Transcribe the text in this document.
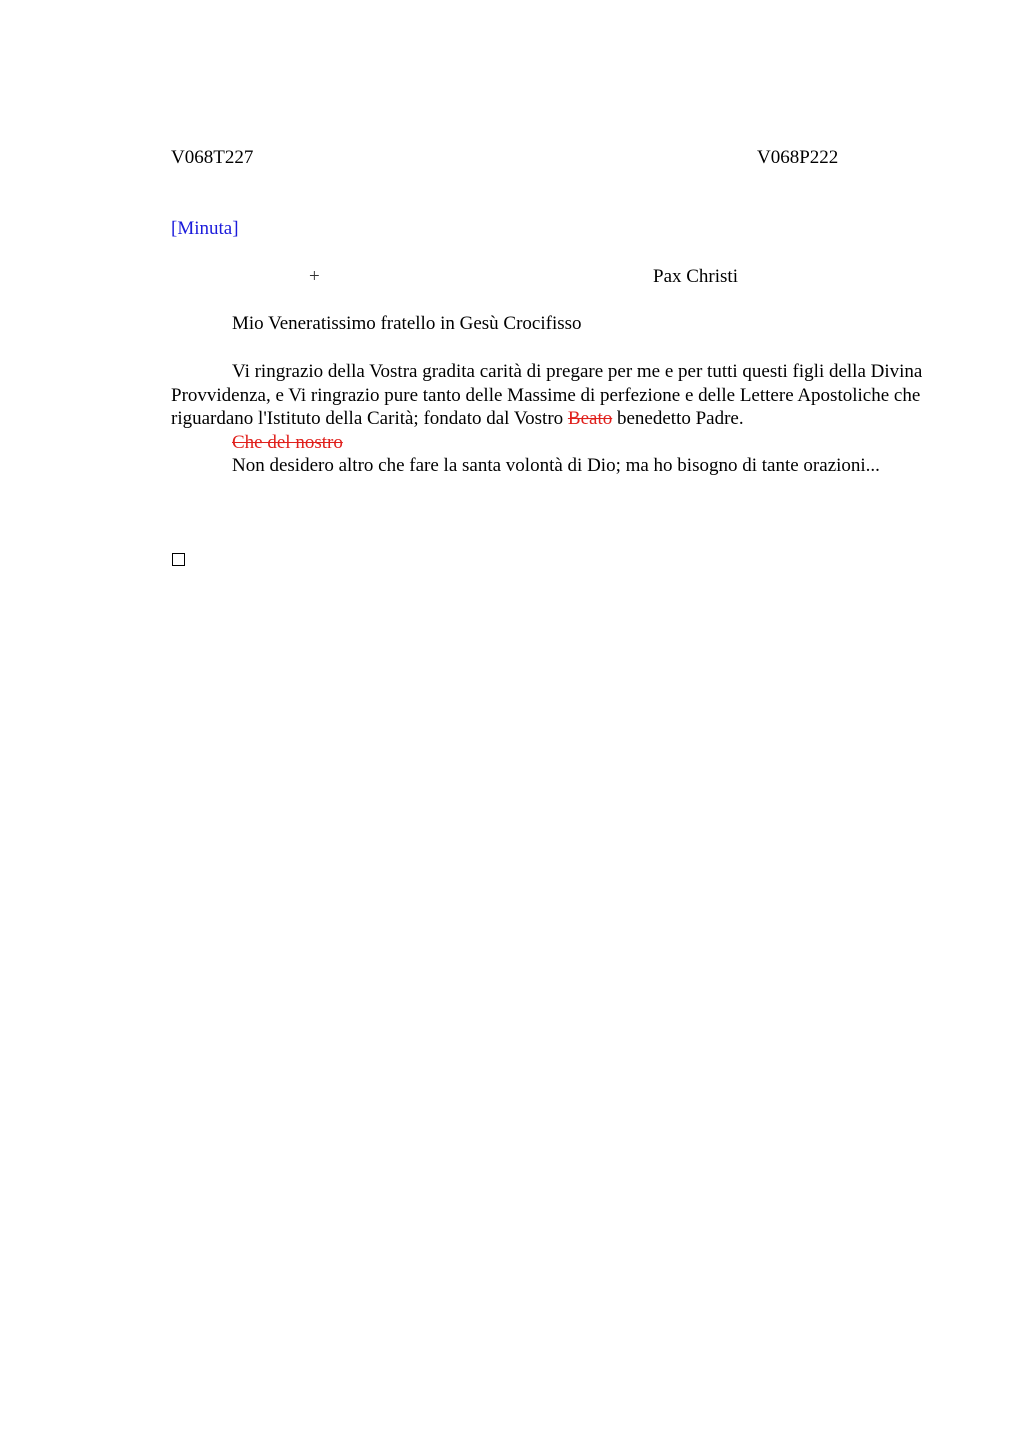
V068T227	V068P222
[Minuta]
+	Pax Christi
Mio Veneratissimo fratello in Gesù Crocifisso

Vi ringrazio della Vostra gradita carità di pregare per me e per tutti questi figli della Divina Provvidenza, e Vi ringrazio pure tanto delle Massime di perfezione e delle Lettere Apostoliche che riguardano l'Istituto della Carità; fondato dal Vostro Beato benedetto Padre.

Che del nostro

Non desidero altro che fare la santa volontà di Dio; ma ho bisogno di tante orazioni...
